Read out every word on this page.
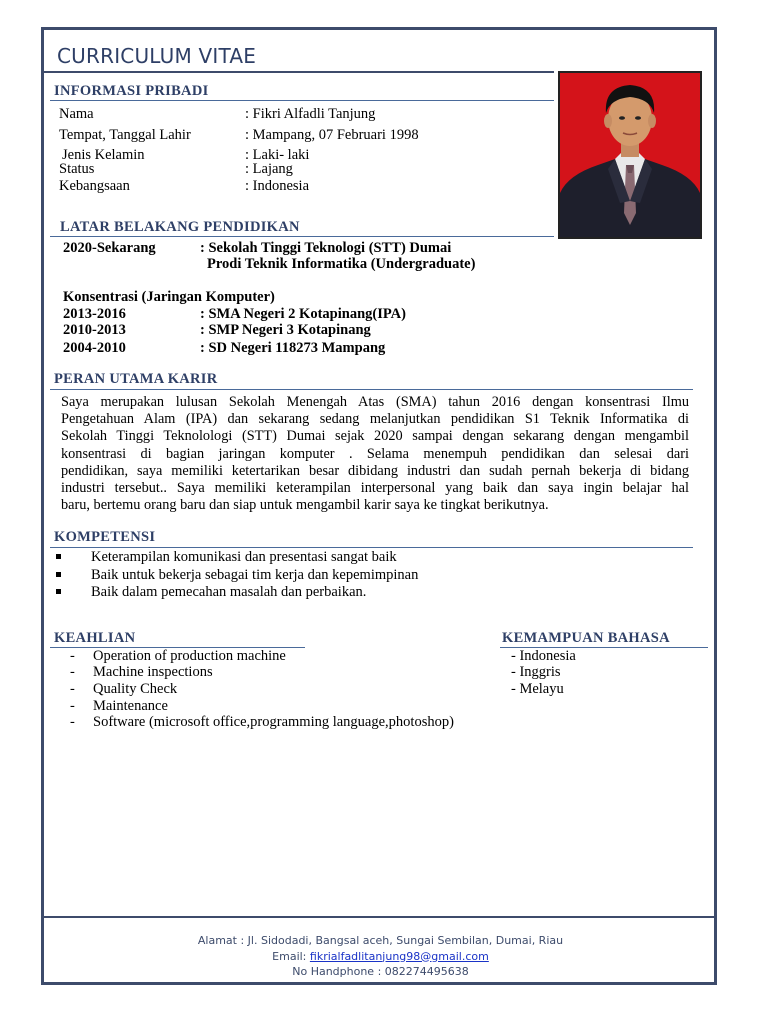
CURRICULUM VITAE
INFORMASI PRIBADI
Nama	: Fikri Alfadli Tanjung
Tempat, Tanggal Lahir	: Mampang, 07 Februari 1998
Jenis Kelamin	: Laki- laki
Status	: Lajang
Kebangsaan	: Indonesia
LATAR BELAKANG PENDIDIKAN
2020-Sekarang	: Sekolah Tinggi Teknologi (STT) Dumai
Prodi Teknik Informatika (Undergraduate)
Konsentrasi (Jaringan Komputer)
2013-2016	: SMA Negeri 2 Kotapinang(IPA)
2010-2013	: SMP Negeri 3 Kotapinang
2004-2010	: SD Negeri 118273 Mampang
PERAN UTAMA KARIR
Saya merupakan lulusan Sekolah Menengah Atas (SMA) tahun 2016 dengan konsentrasi Ilmu
Pengetahuan Alam (IPA) dan sekarang sedang melanjutkan pendidikan S1 Teknik Informatika di
Sekolah Tinggi Teknolologi (STT) Dumai sejak 2020 sampai dengan sekarang dengan mengambil
konsentrasi di bagian jaringan komputer . Selama menempuh pendidikan dan selesai dari
pendidikan, saya memiliki ketertarikan besar dibidang industri dan sudah pernah bekerja di bidang
industri tersebut.. Saya memiliki keterampilan interpersonal yang baik dan saya ingin belajar hal
baru, bertemu orang baru dan siap untuk mengambil karir saya ke tingkat berikutnya.
KOMPETENSI
Keterampilan komunikasi dan presentasi sangat baik
Baik untuk bekerja sebagai tim kerja dan kepemimpinan
Baik dalam pemecahan masalah dan perbaikan.
KEAHLIAN
- Operation of production machine
- Machine inspections
- Quality Check
- Maintenance
- Software (microsoft office,programming language,photoshop)
KEMAMPUAN BAHASA
- Indonesia
- Inggris
- Melayu
Alamat : Jl. Sidodadi, Bangsal aceh, Sungai Sembilan, Dumai, Riau
Email: fikrialfadlitanjung98@gmail.com
No Handphone : 082274495638
